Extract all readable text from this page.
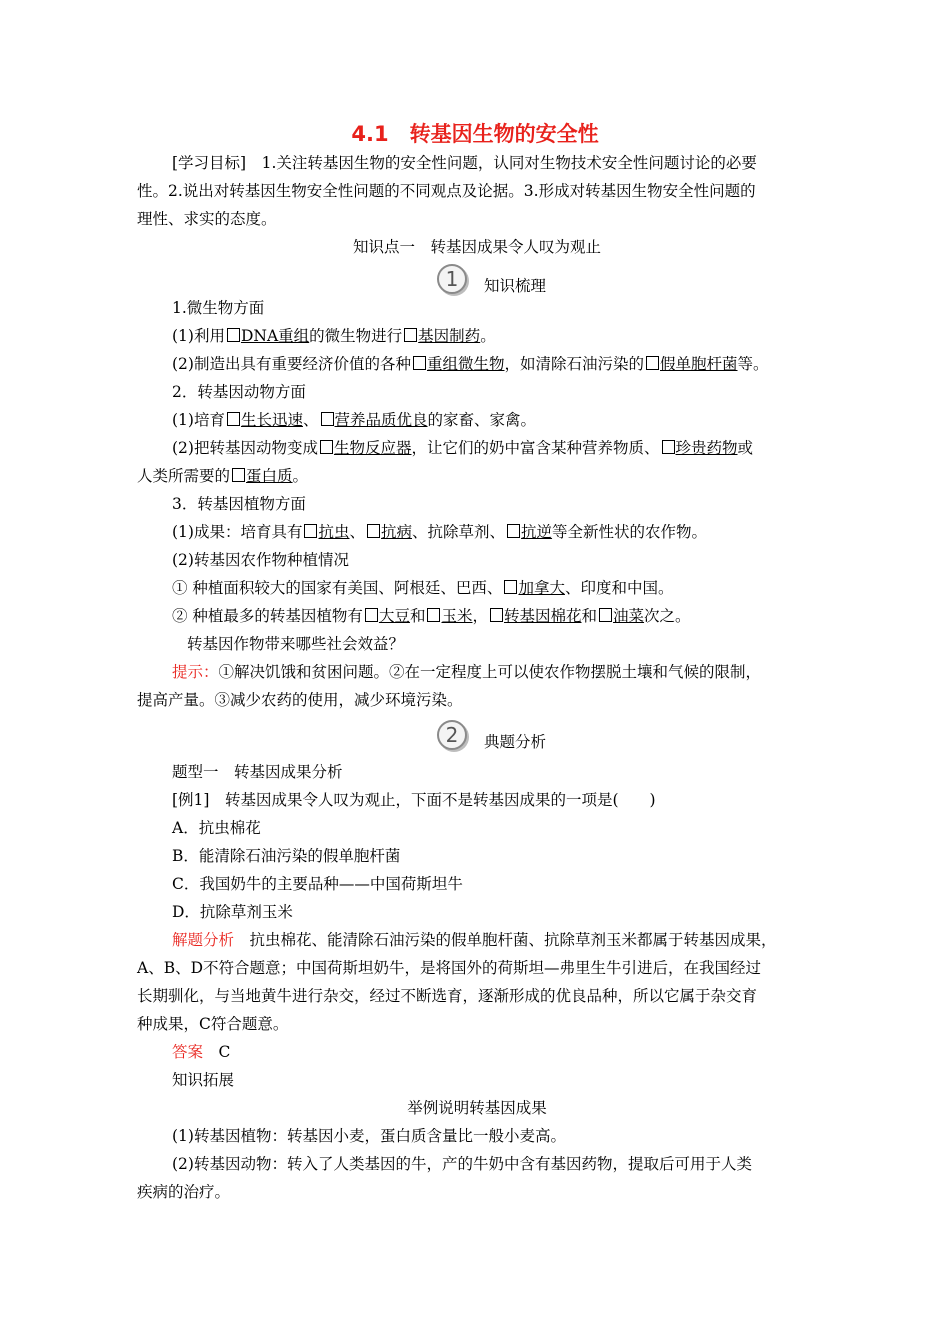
4.1　转基因生物的安全性
[学习目标]　1.关注转基因生物的安全性问题，认同对生物技术安全性问题讨论的必要
性。2.说出对转基因生物安全性问题的不同观点及论据。3.形成对转基因生物安全性问题的
理性、求实的态度。
知识点一　转基因成果令人叹为观止
1	知识梳理
1.微生物方面
(1)利用 DNA重组的微生物进行 基因制药。
(2)制造出具有重要经济价值的各种 重组微生物，如清除石油污染的 假单胞杆菌等。
2．转基因动物方面
(1)培育 生长迅速、 营养品质优良的家畜、家禽。
(2)把转基因动物变成 生物反应器，让它们的奶中富含某种营养物质、 珍贵药物或
人类所需要的 蛋白质。
3．转基因植物方面
(1)成果：培育具有 抗虫、 抗病、抗除草剂、 抗逆等全新性状的农作物。
(2)转基因农作物种植情况
① 种植面积较大的国家有美国、阿根廷、巴西、 加拿大、印度和中国。
② 种植最多的转基因植物有 大豆和 玉米， 转基因棉花和 油菜次之。
转基因作物带来哪些社会效益？
提示：①解决饥饿和贫困问题。②在一定程度上可以使农作物摆脱土壤和气候的限制，
提高产量。③减少农药的使用，减少环境污染。
2	典题分析
题型一　转基因成果分析
[例1]　转基因成果令人叹为观止，下面不是转基因成果的一项是(　　)
A．抗虫棉花
B．能清除石油污染的假单胞杆菌
C．我国奶牛的主要品种——中国荷斯坦牛
D．抗除草剂玉米
解题分析　抗虫棉花、能清除石油污染的假单胞杆菌、抗除草剂玉米都属于转基因成果，
A、B、D不符合题意；中国荷斯坦奶牛，是将国外的荷斯坦—弗里生牛引进后，在我国经过
长期驯化，与当地黄牛进行杂交，经过不断选育，逐渐形成的优良品种，所以它属于杂交育
种成果，C符合题意。
答案　 C
知识拓展
举例说明转基因成果
(1)转基因植物：转基因小麦，蛋白质含量比一般小麦高。
(2)转基因动物：转入了人类基因的牛，产的牛奶中含有基因药物，提取后可用于人类
疾病的治疗。
